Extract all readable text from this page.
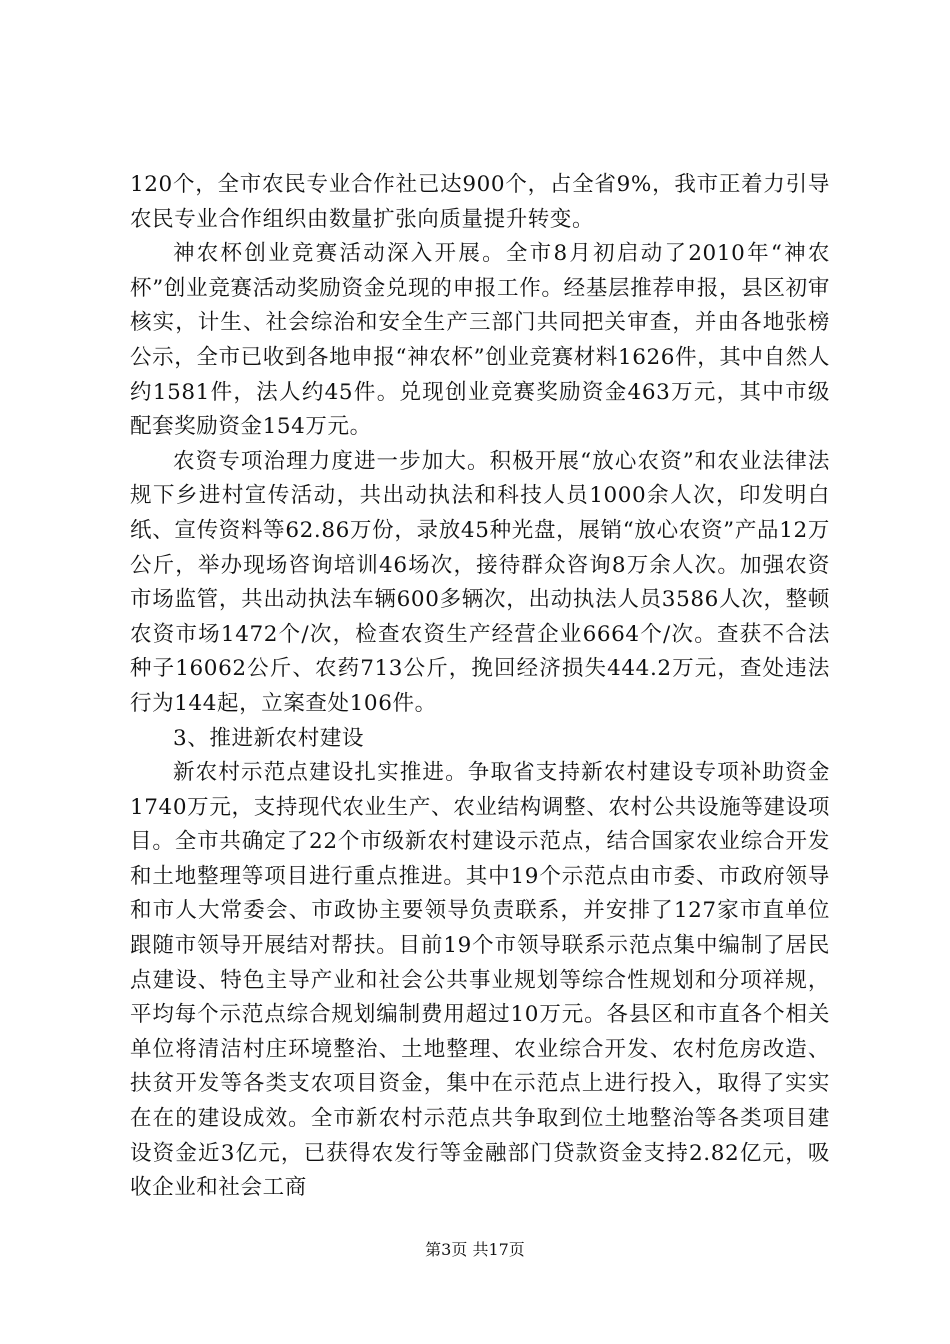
120个，全市农民专业合作社已达900个，占全省9%，我市正着力引导农民专业合作组织由数量扩张向质量提升转变。

神农杯创业竞赛活动深入开展。全市8月初启动了2010年“神农杯”创业竞赛活动奖励资金兑现的申报工作。经基层推荐申报，县区初审核实，计生、社会综治和安全生产三部门共同把关审查，并由各地张榜公示，全市已收到各地申报“神农杯”创业竞赛材料1626件，其中自然人约1581件，法人约45件。兑现创业竞赛奖励资金463万元，其中市级配套奖励资金154万元。

农资专项治理力度进一步加大。积极开展“放心农资”和农业法律法规下乡进村宣传活动，共出动执法和科技人员1000余人次，印发明白纸、宣传资料等62.86万份，录放45种光盘，展销“放心农资”产品12万公斤，举办现场咨询培训46场次，接待群众咨询8万余人次。加强农资市场监管，共出动执法车辆600多辆次，出动执法人员3586人次，整顿农资市场1472个/次，检查农资生产经营企业6664个/次。查获不合法种子16062公斤、农药713公斤，挽回经济损失444.2万元，查处违法行为144起，立案查处106件。

3、推进新农村建设

新农村示范点建设扎实推进。争取省支持新农村建设专项补助资金1740万元，支持现代农业生产、农业结构调整、农村公共设施等建设项目。全市共确定了22个市级新农村建设示范点，结合国家农业综合开发和土地整理等项目进行重点推进。其中19个示范点由市委、市政府领导和市人大常委会、市政协主要领导负责联系，并安排了127家市直单位跟随市领导开展结对帮扶。目前19个市领导联系示范点集中编制了居民点建设、特色主导产业和社会公共事业规划等综合性规划和分项祥规，平均每个示范点综合规划编制费用超过10万元。各县区和市直各个相关单位将清洁村庄环境整治、土地整理、农业综合开发、农村危房改造、扶贫开发等各类支农项目资金，集中在示范点上进行投入，取得了实实在在的建设成效。全市新农村示范点共争取到位土地整治等各类项目建设资金近3亿元，已获得农发行等金融部门贷款资金支持2.82亿元，吸收企业和社会工商

第3页 共17页
